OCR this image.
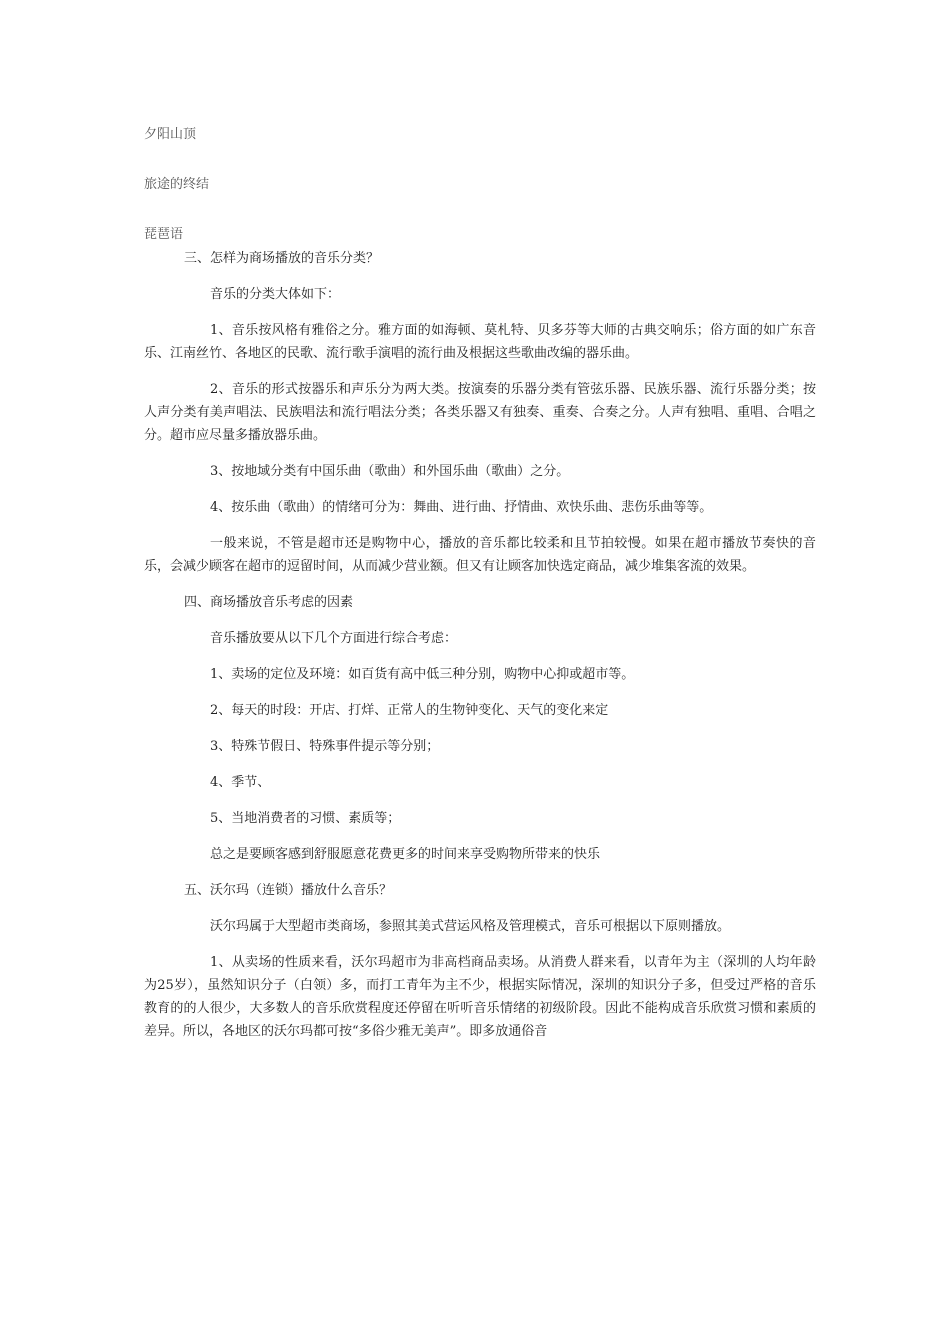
夕阳山顶
旅途的终结
琵琶语

三、怎样为商场播放的音乐分类？

音乐的分类大体如下：

1、音乐按风格有雅俗之分。雅方面的如海顿、莫札特、贝多芬等大师的古典交响乐；俗方面的如广东音乐、江南丝竹、各地区的民歌、流行歌手演唱的流行曲及根据这些歌曲改编的器乐曲。

2、音乐的形式按器乐和声乐分为两大类。按演奏的乐器分类有管弦乐器、民族乐器、流行乐器分类；按人声分类有美声唱法、民族唱法和流行唱法分类；各类乐器又有独奏、重奏、合奏之分。人声有独唱、重唱、合唱之分。超市应尽量多播放器乐曲。

3、按地域分类有中国乐曲（歌曲）和外国乐曲（歌曲）之分。

4、按乐曲（歌曲）的情绪可分为：舞曲、进行曲、抒情曲、欢快乐曲、悲伤乐曲等等。

一般来说，不管是超市还是购物中心，播放的音乐都比较柔和且节拍较慢。如果在超市播放节奏快的音乐，会减少顾客在超市的逗留时间，从而减少营业额。但又有让顾客加快选定商品，减少堆集客流的效果。

四、商场播放音乐考虑的因素

音乐播放要从以下几个方面进行综合考虑：

1、卖场的定位及环境：如百货有高中低三种分别，购物中心抑或超市等。

2、每天的时段：开店、打烊、正常人的生物钟变化、天气的变化来定

3、特殊节假日、特殊事件提示等分别；

4、季节、

5、当地消费者的习惯、素质等；

总之是要顾客感到舒服愿意花费更多的时间来享受购物所带来的快乐

五、沃尔玛（连锁）播放什么音乐？

沃尔玛属于大型超市类商场，参照其美式营运风格及管理模式，音乐可根据以下原则播放。

1、从卖场的性质来看，沃尔玛超市为非高档商品卖场。从消费人群来看，以青年为主（深圳的人均年龄为25岁），虽然知识分子（白领）多，而打工青年为主不少，根据实际情况，深圳的知识分子多，但受过严格的音乐教育的的人很少，大多数人的音乐欣赏程度还停留在听听音乐情绪的初级阶段。因此不能构成音乐欣赏习惯和素质的差异。所以，各地区的沃尔玛都可按“多俗少雅无美声”。即多放通俗音
